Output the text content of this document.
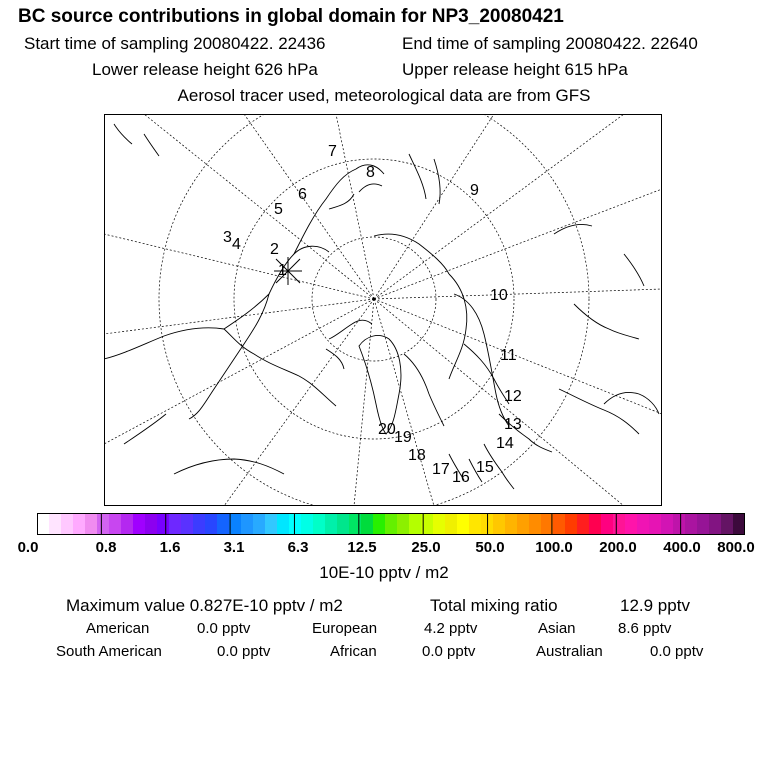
BC source contributions in global domain for NP3_20080421
Start time of sampling 20080422. 22436	End time of sampling 20080422. 22640
Lower release height 626 hPa	Upper release height 615 hPa
Aerosol tracer used, meteorological data are from GFS
1
2
3 4
5
6
7
8
9
10
11
12
13
14
15
16
17
18
19
20
0.0	0.8	1.6	3.1	6.3	12.5 25.0 50.0 100.0 200.0 400.0 800.0
10E-10 pptv / m2
Maximum value 0.827E-10 pptv / m2	Total mixing ratio	12.9 pptv
American	0.0 pptv	European	4.2 pptv	Asian	8.6 pptv
South American	0.0 pptv	African	0.0 pptv	Australian	0.0 pptv
